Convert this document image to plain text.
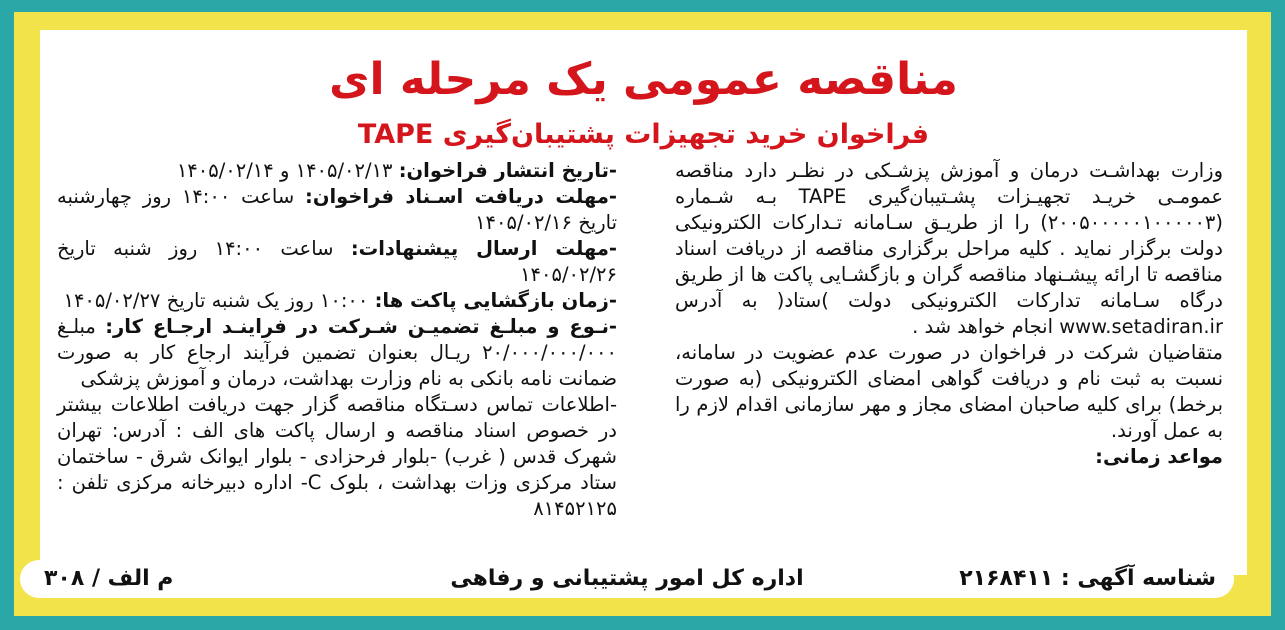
مناقصه عمومی یک مرحله ای
فراخوان خرید تجهیزات پشتیبان‌گیری TAPE

وزارت بهداشـت درمان و آموزش پزشـکی در نظـر دارد مناقصه عمومـی خریـد تجهیـزات پشـتیبان‌گیری TAPE بـه شـماره (۲۰۰۵۰۰۰۰۰۱۰۰۰۰۰۳) را از طریـق سـامانه تـدارکات الکترونیکی دولت برگزار نماید . کلیه مراحل برگزاری مناقصه از دریافت اسناد مناقصه تا ارائه پیشـنهاد مناقصه گران و بازگشـایی پاکت ها از طریق درگاه سـامانه تدارکات الکترونیکی دولت )ستاد( به آدرس www.setadiran.ir انجام خواهد شد .

متقاضیان شرکت در فراخوان در صورت عدم عضویت در سامانه، نسبت به ثبت نام و دریافت گواهی امضای الکترونیکی (به صورت برخط) برای کلیه صاحبان امضای مجاز و مهر سازمانی اقدام لازم را به عمل آورند.

مواعد زمانی:

-تاریخ انتشار فراخوان: ۱۴۰۵/۰۲/۱۳ و ۱۴۰۵/۰۲/۱۴

-مهلت دریافت اسـناد فراخوان: ساعت ۱۴:۰۰ روز چهارشنبه تاریخ ۱۴۰۵/۰۲/۱۶

-مهلت ارسال پیشنهادات: ساعت ۱۴:۰۰ روز شنبه تاریخ ۱۴۰۵/۰۲/۲۶

-زمان بازگشایی پاکت ها: ۱۰:۰۰ روز یک شنبه تاریخ ۱۴۰۵/۰۲/۲۷

-نـوع و مبلـغ تضمیـن شـرکت در فراینـد ارجـاع کار: مبلـغ ۲۰/۰۰۰/۰۰۰/۰۰۰ ریـال بعنوان تضمین فرآیند ارجاع کار به صورت ضمانت نامه بانکی به نام وزارت بهداشت، درمان و آموزش پزشکی

-اطلاعات تماس دسـتگاه مناقصه گزار جهت دریافت اطلاعات بیشتر در خصوص اسناد مناقصه و ارسال پاکت های الف : آدرس: تهران شهرک قدس ( غرب) -بلوار فرحزادی - بلوار ایوانک شرق - ساختمان ستاد مرکزی وزات بهداشت ، بلوک C- اداره دبیرخانه مرکزی تلفن : ۸۱۴۵۲۱۲۵

شناسه آگهی : ۲۱۶۸۴۱۱
اداره کل امور پشتیبانی و رفاهی
م الف / ۳۰۸
